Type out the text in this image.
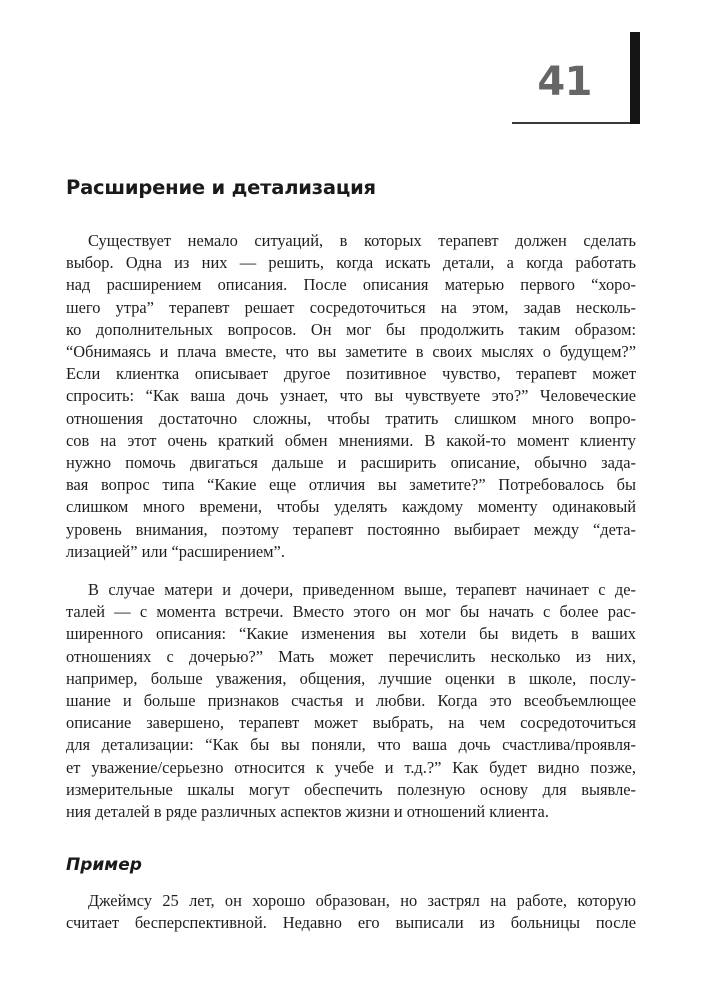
41
Расширение и детализация
Существует немало ситуаций, в которых терапевт должен сделать
выбор. Одна из них — решить, когда искать детали, а когда работать
над расширением описания. После описания матерью первого “хоро-
шего утра” терапевт решает сосредоточиться на этом, задав несколь-
ко дополнительных вопросов. Он мог бы продолжить таким образом:
“Обнимаясь и плача вместе, что вы заметите в своих мыслях о будущем?”
Если клиентка описывает другое позитивное чувство, терапевт может
спросить: “Как ваша дочь узнает, что вы чувствуете это?” Человеческие
отношения достаточно сложны, чтобы тратить слишком много вопро-
сов на этот очень краткий обмен мнениями. В какой-то момент клиенту
нужно помочь двигаться дальше и расширить описание, обычно зада-
вая вопрос типа “Какие еще отличия вы заметите?” Потребовалось бы
слишком много времени, чтобы уделять каждому моменту одинаковый
уровень внимания, поэтому терапевт постоянно выбирает между “дета-
лизацией” или “расширением”.
В случае матери и дочери, приведенном выше, терапевт начинает с де-
талей — с момента встречи. Вместо этого он мог бы начать с более рас-
ширенного описания: “Какие изменения вы хотели бы видеть в ваших
отношениях с дочерью?” Мать может перечислить несколько из них,
например, больше уважения, общения, лучшие оценки в школе, послу-
шание и больше признаков счастья и любви. Когда это всеобъемлющее
описание завершено, терапевт может выбрать, на чем сосредоточиться
для детализации: “Как бы вы поняли, что ваша дочь счастлива/проявля-
ет уважение/серьезно относится к учебе и т.д.?” Как будет видно позже,
измерительные шкалы могут обеспечить полезную основу для выявле-
ния деталей в ряде различных аспектов жизни и отношений клиента.
Пример
Джеймсу 25 лет, он хорошо образован, но застрял на работе, которую
считает бесперспективной. Недавно его выписали из больницы после
